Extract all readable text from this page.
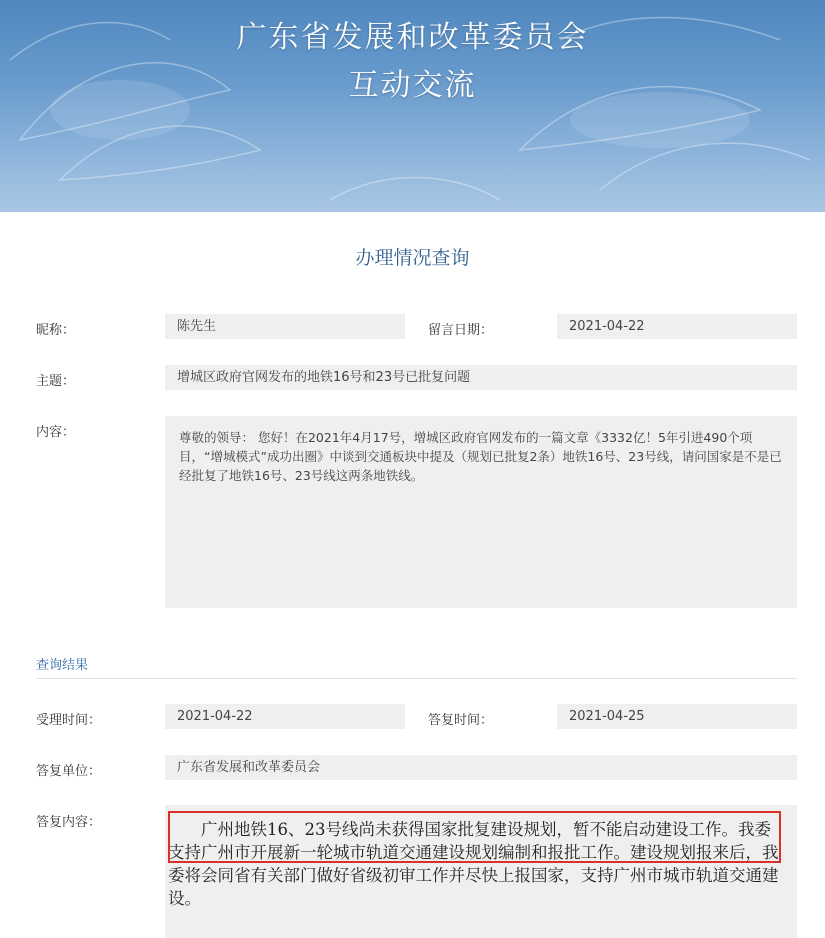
广东省发展和改革委员会
互动交流
办理情况查询
昵称：	陈先生	留言日期：	2021-04-22
主题：	增城区政府官网发布的地铁16号和23号已批复问题
内容：	尊敬的领导： 您好！在2021年4月17号，增城区政府官网发布的一篇文章《3332亿！5年引进490个项目，“增城模式”成功出圈》中谈到交通板块中提及（规划已批复2条）地铁16号、23号线，请问国家是不是已经批复了地铁16号、23号线这两条地铁线。
查询结果
受理时间：	2021-04-22	答复时间：	2021-04-25
答复单位：	广东省发展和改革委员会
答复内容：	广州地铁16、23号线尚未获得国家批复建设规划，暂不能启动建设工作。我委支持广州市开展新一轮城市轨道交通建设规划编制和报批工作。建设规划报来后，我委将会同省有关部门做好省级初审工作并尽快上报国家，支持广州市城市轨道交通建设。
